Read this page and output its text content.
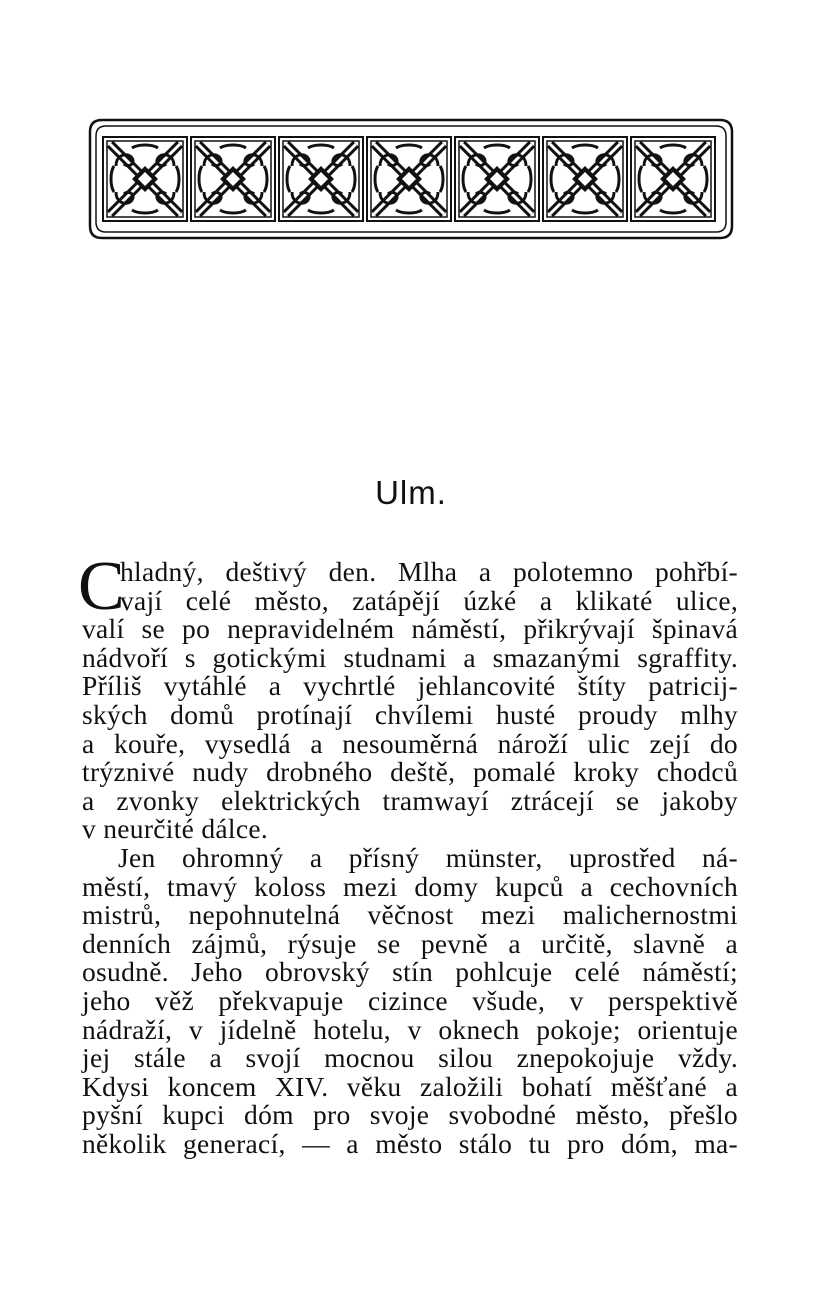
Ulm.
C
hladný, deštivý den. Mlha a polotemno pohřbí-
vají celé město, zatápějí úzké a klikaté ulice,
valí se po nepravidelném náměstí, přikrývají špinavá
nádvoří s gotickými studnami a smazanými sgraffity.
Příliš vytáhlé a vychrtlé jehlancovité štíty patricij-
ských domů protínají chvílemi husté proudy mlhy
a kouře, vysedlá a nesouměrná nároží ulic zejí do
trýznivé nudy drobného deště, pomalé kroky chodců
a zvonky elektrických tramwayí ztrácejí se jakoby
v neurčité dálce.
Jen ohromný a přísný münster, uprostřed ná-
městí, tmavý koloss mezi domy kupců a cechovních
mistrů, nepohnutelná věčnost mezi malichernostmi
denních zájmů, rýsuje se pevně a určitě, slavně a
osudně. Jeho obrovský stín pohlcuje celé náměstí;
jeho věž překvapuje cizince všude, v perspektivě
nádraží, v jídelně hotelu, v oknech pokoje; orientuje
jej stále a svojí mocnou silou znepokojuje vždy.
Kdysi koncem XIV. věku založili bohatí měšťané a
pyšní kupci dóm pro svoje svobodné město, přešlo
několik generací, — a město stálo tu pro dóm, ma-
